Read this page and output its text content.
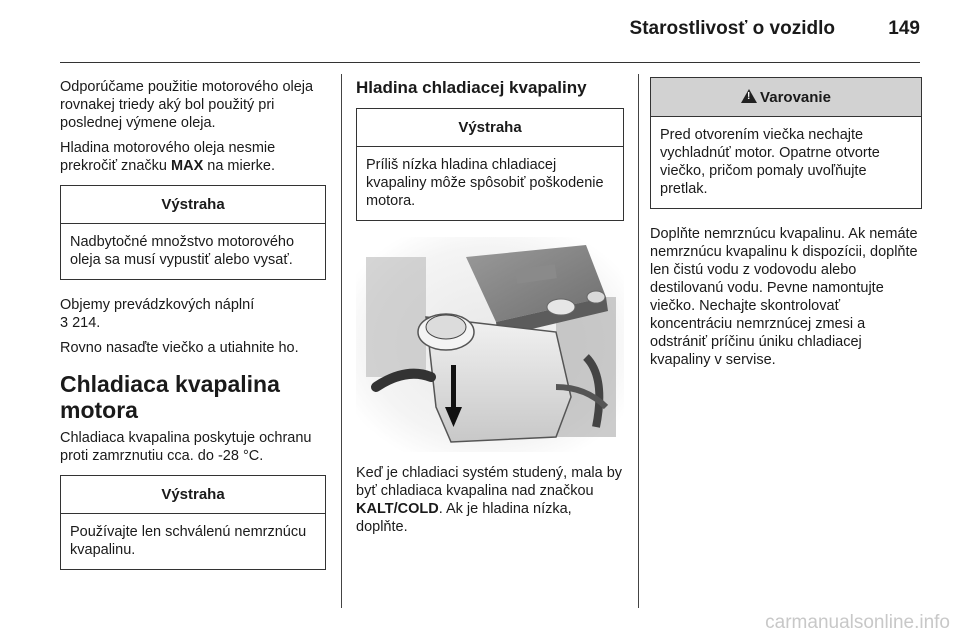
Starostlivosť o vozidlo	149

Odporúčame použitie motorového oleja rovnakej triedy aký bol použitý pri poslednej výmene oleja.

Hladina motorového oleja nesmie prekročiť značku MAX na mierke.

Výstraha
Nadbytočné množstvo motorového oleja sa musí vypustiť alebo vysať.

Objemy prevádzkových náplní
3 214.

Rovno nasaďte viečko a utiahnite ho.

Chladiaca kvapalina motora

Chladiaca kvapalina poskytuje ochranu proti zamrznutiu cca. do -28 °C.

Výstraha
Používajte len schválenú nemrznúcu kvapalinu.
Hladina chladiacej kvapaliny
Výstraha
Príliš nízka hladina chladiacej kvapaliny môže spôsobiť poškodenie motora.

Keď je chladiaci systém studený, mala by byť chladiaca kvapalina nad značkou KALT/COLD. Ak je hladina nízka, doplňte.

!Varovanie
Pred otvorením viečka nechajte vychladnúť motor. Opatrne otvorte viečko, pričom pomaly uvoľňujte pretlak.

Doplňte nemrznúcu kvapalinu. Ak nemáte nemrznúcu kvapalinu k dispozícii, doplňte len čistú vodu z vodovodu alebo destilovanú vodu. Pevne namontujte viečko. Nechajte skontrolovať koncentráciu nemrznúcej zmesi a odstrániť príčinu úniku chladiacej kvapaliny v servise.

carmanualsonline.info
